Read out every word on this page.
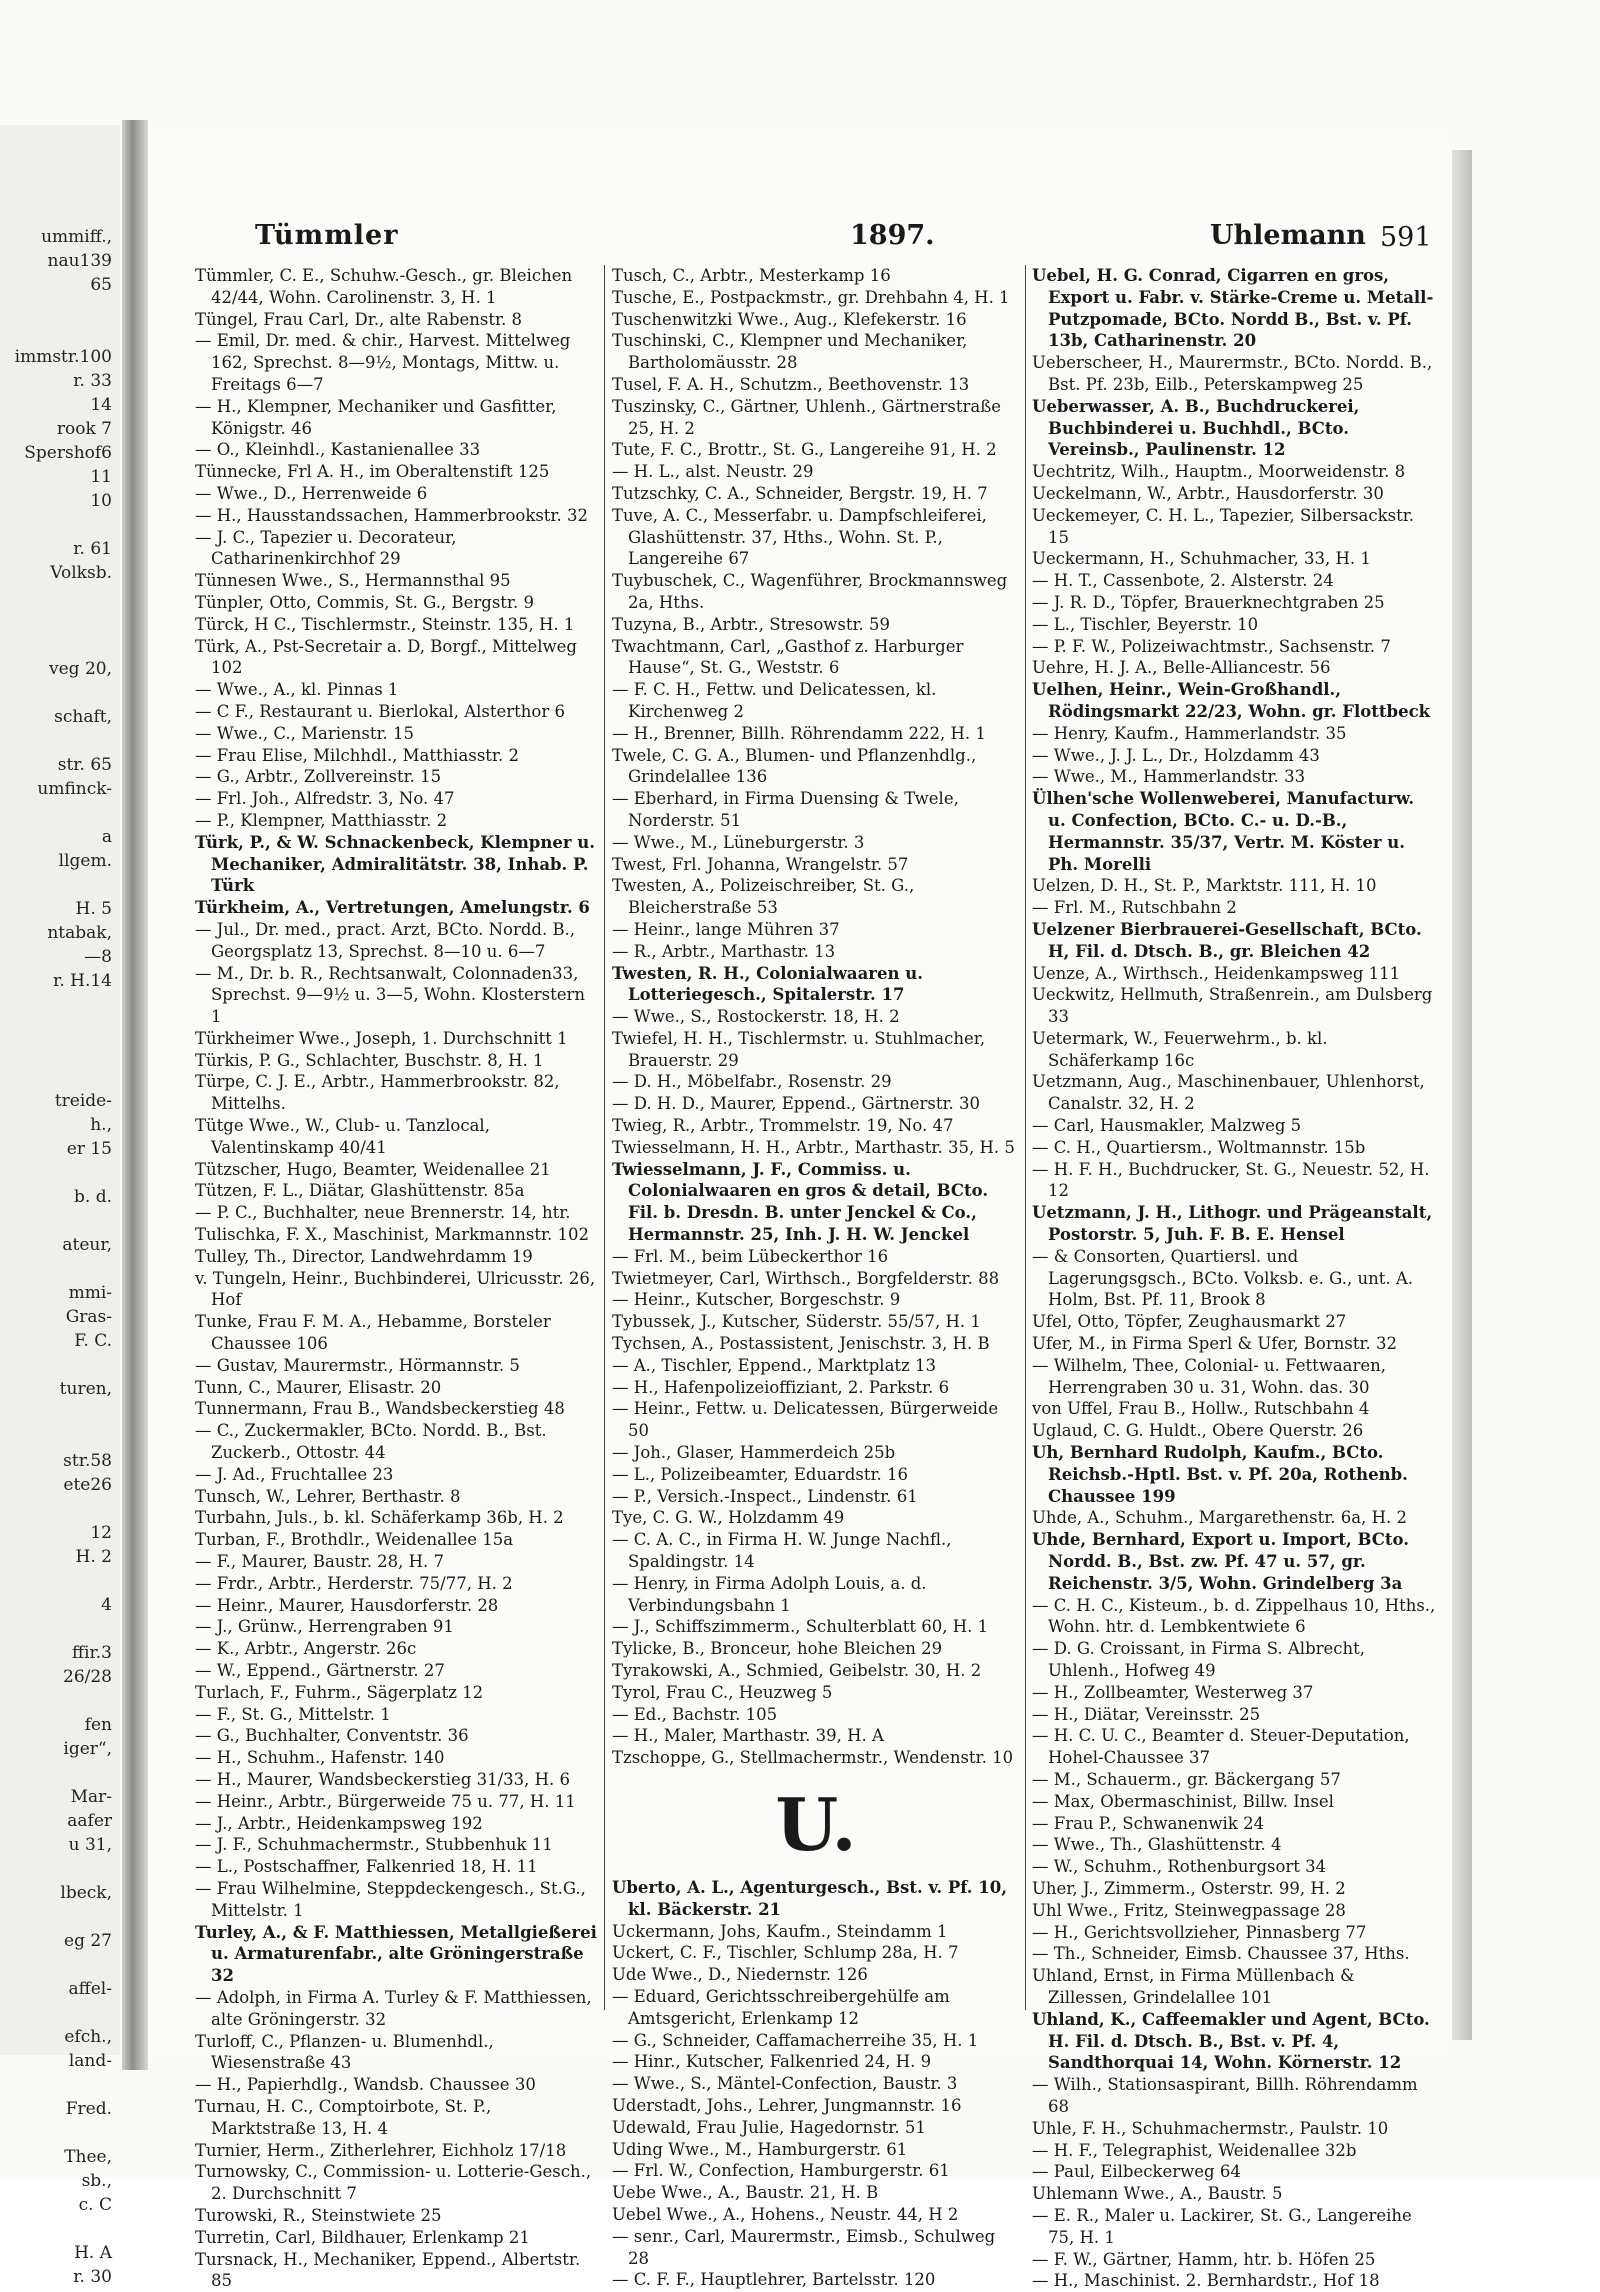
ummiff.,
nau139
65
immstr.100
r. 33
14
rook 7
Spershof6
11
10
r. 61
Volksb.
veg 20,
schaft,
str. 65
umfinck-
a
llgem.
H. 5
ntabak,
—8
r. H.14
treide-
h.,
er 15
b. d.
ateur,
mmi-
Gras-
F. C.
turen,
str.58
ete26
12
H. 2
4
ffir.3
26/28
fen
iger“,
Mar-
aafer
u 31,
lbeck,
eg 27
affel-
efch.,
land-
Fred.
Thee,
sb.,
c. C
H. A
r. 30
Tümmler	1897.	Uhlemann 591

Tümmler, C. E., Schuhw.-Gesch., gr. Bleichen 42/44, Wohn. Carolinenstr. 3, H. 1

Tüngel, Frau Carl, Dr., alte Rabenstr. 8

— Emil, Dr. med. & chir., Harvest. Mittelweg 162, Sprechst. 8—9½, Montags, Mittw. u. Freitags 6—7

— H., Klempner, Mechaniker und Gasfitter, Königstr. 46

— O., Kleinhdl., Kastanienallee 33

Tünnecke, Frl A. H., im Oberaltenstift 125

— Wwe., D., Herrenweide 6

— H., Hausstandssachen, Hammerbrookstr. 32

— J. C., Tapezier u. Decorateur, Catharinenkirchhof 29

Tünnesen Wwe., S., Hermannsthal 95

Tünpler, Otto, Commis, St. G., Bergstr. 9

Türck, H C., Tischlermstr., Steinstr. 135, H. 1

Türk, A., Pst-Secretair a. D, Borgf., Mittelweg 102

— Wwe., A., kl. Pinnas 1

— C F., Restaurant u. Bierlokal, Alsterthor 6

— Wwe., C., Marienstr. 15

— Frau Elise, Milchhdl., Matthiasstr. 2

— G., Arbtr., Zollvereinstr. 15

— Frl. Joh., Alfredstr. 3, No. 47

— P., Klempner, Matthiasstr. 2

Türk, P., & W. Schnackenbeck, Klempner u. Mechaniker, Admiralitätstr. 38, Inhab. P. Türk

Türkheim, A., Vertretungen, Amelungstr. 6

— Jul., Dr. med., pract. Arzt, BCto. Nordd. B., Georgsplatz 13, Sprechst. 8—10 u. 6—7

— M., Dr. b. R., Rechtsanwalt, Colonnaden33, Sprechst. 9—9½ u. 3—5, Wohn. Klosterstern 1

Türkheimer Wwe., Joseph, 1. Durchschnitt 1

Türkis, P. G., Schlachter, Buschstr. 8, H. 1

Türpe, C. J. E., Arbtr., Hammerbrookstr. 82, Mittelhs.

Tütge Wwe., W., Club- u. Tanzlocal, Valentinskamp 40/41

Tützscher, Hugo, Beamter, Weidenallee 21

Tützen, F. L., Diätar, Glashüttenstr. 85a

— P. C., Buchhalter, neue Brennerstr. 14, htr.

Tulischka, F. X., Maschinist, Markmannstr. 102

Tulley, Th., Director, Landwehrdamm 19

v. Tungeln, Heinr., Buchbinderei, Ulricusstr. 26, Hof

Tunke, Frau F. M. A., Hebamme, Borsteler Chaussee 106

— Gustav, Maurermstr., Hörmannstr. 5

Tunn, C., Maurer, Elisastr. 20

Tunnermann, Frau B., Wandsbeckerstieg 48

— C., Zuckermakler, BCto. Nordd. B., Bst. Zuckerb., Ottostr. 44

— J. Ad., Fruchtallee 23

Tunsch, W., Lehrer, Berthastr. 8

Turbahn, Juls., b. kl. Schäferkamp 36b, H. 2

Turban, F., Brothdlr., Weidenallee 15a

— F., Maurer, Baustr. 28, H. 7

— Frdr., Arbtr., Herderstr. 75/77, H. 2

— Heinr., Maurer, Hausdorferstr. 28

— J., Grünw., Herrengraben 91

— K., Arbtr., Angerstr. 26c

— W., Eppend., Gärtnerstr. 27

Turlach, F., Fuhrm., Sägerplatz 12

— F., St. G., Mittelstr. 1

— G., Buchhalter, Conventstr. 36

— H., Schuhm., Hafenstr. 140

— H., Maurer, Wandsbeckerstieg 31/33, H. 6

— Heinr., Arbtr., Bürgerweide 75 u. 77, H. 11

— J., Arbtr., Heidenkampsweg 192

— J. F., Schuhmachermstr., Stubbenhuk 11

— L., Postschaffner, Falkenried 18, H. 11

— Frau Wilhelmine, Steppdeckengesch., St.G., Mittelstr. 1

Turley, A., & F. Matthiessen, Metallgießerei u. Armaturenfabr., alte Gröningerstraße 32

— Adolph, in Firma A. Turley & F. Matthiessen, alte Gröningerstr. 32

Turloff, C., Pflanzen- u. Blumenhdl., Wiesenstraße 43

— H., Papierhdlg., Wandsb. Chaussee 30

Turnau, H. C., Comptoirbote, St. P., Marktstraße 13, H. 4

Turnier, Herm., Zitherlehrer, Eichholz 17/18

Turnowsky, C., Commission- u. Lotterie-Gesch., 2. Durchschnitt 7

Turowski, R., Steinstwiete 25

Turretin, Carl, Bildhauer, Erlenkamp 21

Tursnack, H., Mechaniker, Eppend., Albertstr. 85

Tusch, C., Arbtr., Mesterkamp 16

Tusche, E., Postpackmstr., gr. Drehbahn 4, H. 1

Tuschenwitzki Wwe., Aug., Klefekerstr. 16

Tuschinski, C., Klempner und Mechaniker, Bartholomäusstr. 28

Tusel, F. A. H., Schutzm., Beethovenstr. 13

Tuszinsky, C., Gärtner, Uhlenh., Gärtnerstraße 25, H. 2

Tute, F. C., Brottr., St. G., Langereihe 91, H. 2

— H. L., alst. Neustr. 29

Tutzschky, C. A., Schneider, Bergstr. 19, H. 7

Tuve, A. C., Messerfabr. u. Dampfschleiferei, Glashüttenstr. 37, Hths., Wohn. St. P., Langereihe 67

Tuybuschek, C., Wagenführer, Brockmannsweg 2a, Hths.

Tuzyna, B., Arbtr., Stresowstr. 59

Twachtmann, Carl, „Gasthof z. Harburger Hause“, St. G., Weststr. 6

— F. C. H., Fettw. und Delicatessen, kl. Kirchenweg 2

— H., Brenner, Billh. Röhrendamm 222, H. 1

Twele, C. G. A., Blumen- und Pflanzenhdlg., Grindelallee 136

— Eberhard, in Firma Duensing & Twele, Norderstr. 51

— Wwe., M., Lüneburgerstr. 3

Twest, Frl. Johanna, Wrangelstr. 57

Twesten, A., Polizeischreiber, St. G., Bleicherstraße 53

— Heinr., lange Mühren 37

— R., Arbtr., Marthastr. 13

Twesten, R. H., Colonialwaaren u. Lotteriegesch., Spitalerstr. 17

— Wwe., S., Rostockerstr. 18, H. 2

Twiefel, H. H., Tischlermstr. u. Stuhlmacher, Brauerstr. 29

— D. H., Möbelfabr., Rosenstr. 29

— D. H. D., Maurer, Eppend., Gärtnerstr. 30

Twieg, R., Arbtr., Trommelstr. 19, No. 47

Twiesselmann, H. H., Arbtr., Marthastr. 35, H. 5

Twiesselmann, J. F., Commiss. u. Colonialwaaren en gros & detail, BCto. Fil. b. Dresdn. B. unter Jenckel & Co., Hermannstr. 25, Inh. J. H. W. Jenckel

— Frl. M., beim Lübeckerthor 16

Twietmeyer, Carl, Wirthsch., Borgfelderstr. 88

— Heinr., Kutscher, Borgeschstr. 9

Tybussek, J., Kutscher, Süderstr. 55/57, H. 1

Tychsen, A., Postassistent, Jenischstr. 3, H. B

— A., Tischler, Eppend., Marktplatz 13

— H., Hafenpolizeioffiziant, 2. Parkstr. 6

— Heinr., Fettw. u. Delicatessen, Bürgerweide 50

— Joh., Glaser, Hammerdeich 25b

— L., Polizeibeamter, Eduardstr. 16

— P., Versich.-Inspect., Lindenstr. 61

Tye, C. G. W., Holzdamm 49

— C. A. C., in Firma H. W. Junge Nachfl., Spaldingstr. 14

— Henry, in Firma Adolph Louis, a. d. Verbindungsbahn 1

— J., Schiffszimmerm., Schulterblatt 60, H. 1

Tylicke, B., Bronceur, hohe Bleichen 29

Tyrakowski, A., Schmied, Geibelstr. 30, H. 2

Tyrol, Frau C., Heuzweg 5

— Ed., Bachstr. 105

— H., Maler, Marthastr. 39, H. A

Tzschoppe, G., Stellmachermstr., Wendenstr. 10

U.

Uberto, A. L., Agenturgesch., Bst. v. Pf. 10, kl. Bäckerstr. 21

Uckermann, Johs, Kaufm., Steindamm 1

Uckert, C. F., Tischler, Schlump 28a, H. 7

Ude Wwe., D., Niedernstr. 126

— Eduard, Gerichtsschreibergehülfe am Amtsgericht, Erlenkamp 12

— G., Schneider, Caffamacherreihe 35, H. 1

— Hinr., Kutscher, Falkenried 24, H. 9

— Wwe., S., Mäntel-Confection, Baustr. 3

Uderstadt, Johs., Lehrer, Jungmannstr. 16

Udewald, Frau Julie, Hagedornstr. 51

Uding Wwe., M., Hamburgerstr. 61

— Frl. W., Confection, Hamburgerstr. 61

Uebe Wwe., A., Baustr. 21, H. B

Uebel Wwe., A., Hohens., Neustr. 44, H 2

— senr., Carl, Maurermstr., Eimsb., Schulweg 28

— C. F. F., Hauptlehrer, Bartelsstr. 120

Uebel, H. G. Conrad, Cigarren en gros, Export u. Fabr. v. Stärke-Creme u. Metall-Putzpomade, BCto. Nordd B., Bst. v. Pf. 13b, Catharinenstr. 20

Ueberscheer, H., Maurermstr., BCto. Nordd. B., Bst. Pf. 23b, Eilb., Peterskampweg 25

Ueberwasser, A. B., Buchdruckerei, Buchbinderei u. Buchhdl., BCto. Vereinsb., Paulinenstr. 12

Uechtritz, Wilh., Hauptm., Moorweidenstr. 8

Ueckelmann, W., Arbtr., Hausdorferstr. 30

Ueckemeyer, C. H. L., Tapezier, Silbersackstr. 15

Ueckermann, H., Schuhmacher, 33, H. 1

— H. T., Cassenbote, 2. Alsterstr. 24

— J. R. D., Töpfer, Brauerknechtgraben 25

— L., Tischler, Beyerstr. 10

— P. F. W., Polizeiwachtmstr., Sachsenstr. 7

Uehre, H. J. A., Belle-Alliancestr. 56

Uelhen, Heinr., Wein-Großhandl., Rödingsmarkt 22/23, Wohn. gr. Flottbeck

— Henry, Kaufm., Hammerlandstr. 35

— Wwe., J. J. L., Dr., Holzdamm 43

— Wwe., M., Hammerlandstr. 33

Ülhen'sche Wollenweberei, Manufacturw. u. Confection, BCto. C.- u. D.-B., Hermannstr. 35/37, Vertr. M. Köster u. Ph. Morelli

Uelzen, D. H., St. P., Marktstr. 111, H. 10

— Frl. M., Rutschbahn 2

Uelzener Bierbrauerei-Gesellschaft, BCto. H, Fil. d. Dtsch. B., gr. Bleichen 42

Uenze, A., Wirthsch., Heidenkampsweg 111

Ueckwitz, Hellmuth, Straßenrein., am Dulsberg 33

Uetermark, W., Feuerwehrm., b. kl. Schäferkamp 16c

Uetzmann, Aug., Maschinenbauer, Uhlenhorst, Canalstr. 32, H. 2

— Carl, Hausmakler, Malzweg 5

— C. H., Quartiersm., Woltmannstr. 15b

— H. F. H., Buchdrucker, St. G., Neuestr. 52, H. 12

Uetzmann, J. H., Lithogr. und Prägeanstalt, Postorstr. 5, Juh. F. B. E. Hensel

— & Consorten, Quartiersl. und Lagerungsgsch., BCto. Volksb. e. G., unt. A. Holm, Bst. Pf. 11, Brook 8

Ufel, Otto, Töpfer, Zeughausmarkt 27

Ufer, M., in Firma Sperl & Ufer, Bornstr. 32

— Wilhelm, Thee, Colonial- u. Fettwaaren, Herrengraben 30 u. 31, Wohn. das. 30

von Uffel, Frau B., Hollw., Rutschbahn 4

Uglaud, C. G. Huldt., Obere Querstr. 26

Uh, Bernhard Rudolph, Kaufm., BCto. Reichsb.-Hptl. Bst. v. Pf. 20a, Rothenb. Chaussee 199

Uhde, A., Schuhm., Margarethenstr. 6a, H. 2

Uhde, Bernhard, Export u. Import, BCto. Nordd. B., Bst. zw. Pf. 47 u. 57, gr. Reichenstr. 3/5, Wohn. Grindelberg 3a

— C. H. C., Kisteum., b. d. Zippelhaus 10, Hths., Wohn. htr. d. Lembkentwiete 6

— D. G. Croissant, in Firma S. Albrecht, Uhlenh., Hofweg 49

— H., Zollbeamter, Westerweg 37

— H., Diätar, Vereinsstr. 25

— H. C. U. C., Beamter d. Steuer-Deputation, Hohel-Chaussee 37

— M., Schauerm., gr. Bäckergang 57

— Max, Obermaschinist, Billw. Insel

— Frau P., Schwanenwik 24

— Wwe., Th., Glashüttenstr. 4

— W., Schuhm., Rothenburgsort 34

Uher, J., Zimmerm., Osterstr. 99, H. 2

Uhl Wwe., Fritz, Steinwegpassage 28

— H., Gerichtsvollzieher, Pinnasberg 77

— Th., Schneider, Eimsb. Chaussee 37, Hths.

Uhland, Ernst, in Firma Müllenbach & Zillessen, Grindelallee 101

Uhland, K., Caffeemakler und Agent, BCto. H. Fil. d. Dtsch. B., Bst. v. Pf. 4, Sandthorquai 14, Wohn. Körnerstr. 12

— Wilh., Stationsaspirant, Billh. Röhrendamm 68

Uhle, F. H., Schuhmachermstr., Paulstr. 10

— H. F., Telegraphist, Weidenallee 32b

— Paul, Eilbeckerweg 64

Uhlemann Wwe., A., Baustr. 5

— E. R., Maler u. Lackirer, St. G., Langereihe 75, H. 1

— F. W., Gärtner, Hamm, htr. b. Höfen 25

— H., Maschinist. 2. Bernhardstr., Hof 18
